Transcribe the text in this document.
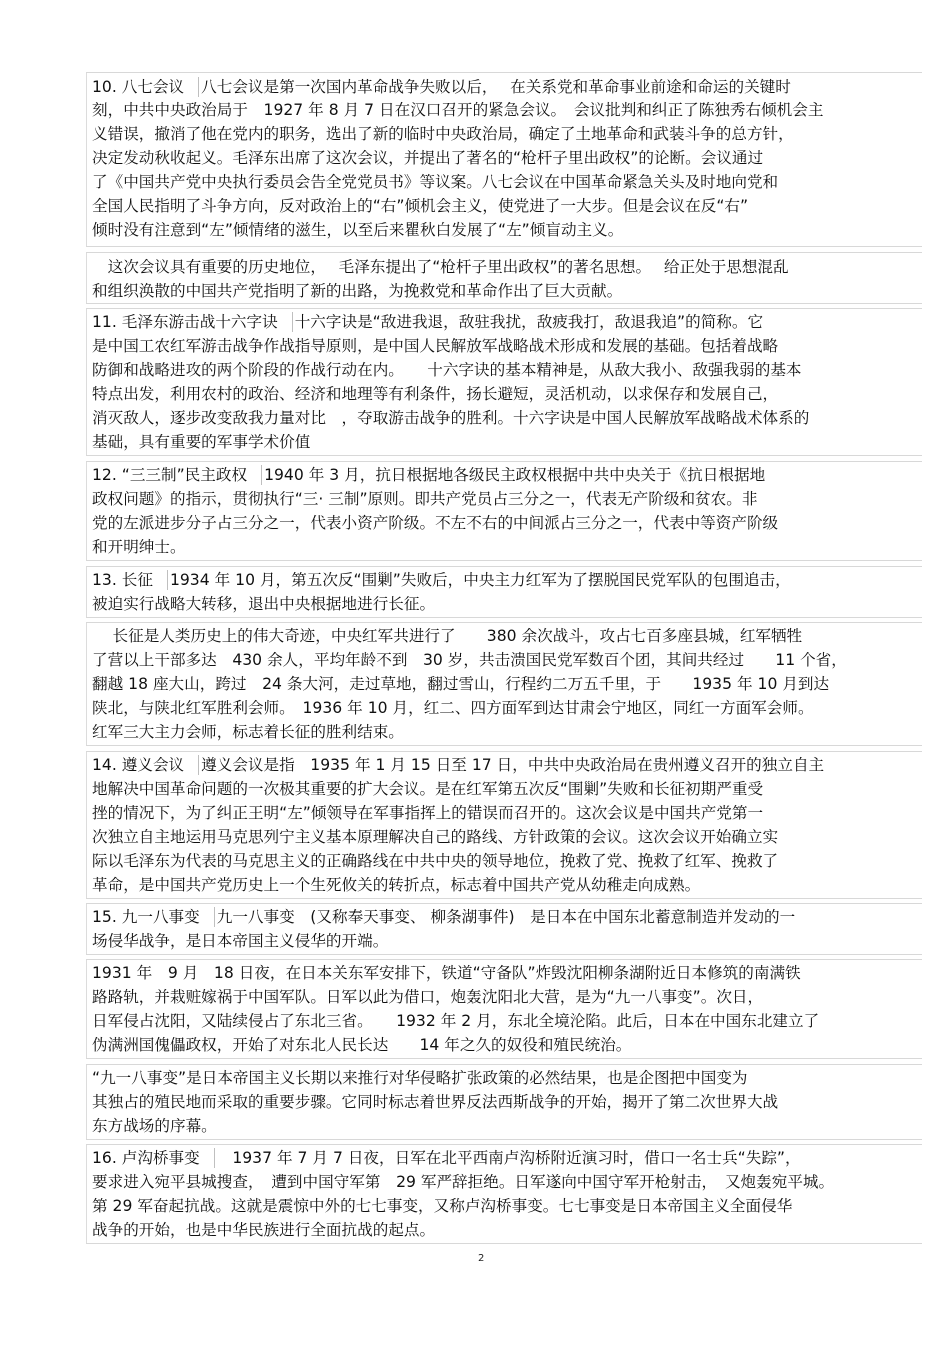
10. 八七会议 八七会议是第一次国内革命战争失败以后，　 在关系党和革命事业前途和命运的关键时
刻，中共中央政治局于　1927 年 8 月 7 日在汉口召开的紧急会议。　会议批判和纠正了陈独秀右倾机会主
义错误，撤消了他在党内的职务，选出了新的临时中央政治局，确定了土地革命和武装斗争的总方针，
决定发动秋收起义。毛泽东出席了这次会议，并提出了著名的“枪杆子里出政权”的论断。会议通过
了《中国共产党中央执行委员会告全党党员书》等议案。八七会议在中国革命紧急关头及时地向党和
全国人民指明了斗争方向，反对政治上的“右”倾机会主义，使党进了一大步。但是会议在反“右”
倾时没有注意到“左”倾情绪的滋生，以至后来瞿秋白发展了“左”倾盲动主义。
　这次会议具有重要的历史地位，　 毛泽东提出了“枪杆子里出政权”的著名思想。　 给正处于思想混乱
和组织涣散的中国共产党指明了新的出路，为挽救党和革命作出了巨大贡献。
11. 毛泽东游击战十六字诀 十六字诀是“敌进我退，敌驻我扰，敌疲我打，敌退我追”的简称。它
是中国工农红军游击战争作战指导原则，是中国人民解放军战略战术形成和发展的基础。包括着战略
防御和战略进攻的两个阶段的作战行动在内。　　十六字诀的基本精神是，从敌大我小、敌强我弱的基本
特点出发，利用农村的政治、经济和地理等有利条件，扬长避短，灵活机动，以求保存和发展自己，
消灭敌人，逐步改变敌我力量对比　，夺取游击战争的胜利。十六字诀是中国人民解放军战略战术体系的
基础，具有重要的军事学术价值
12. “三三制”民主政权 1940 年 3 月，抗日根据地各级民主政权根据中共中央关于《抗日根据地
政权问题》的指示，贯彻执行“三· 三制”原则。即共产党员占三分之一，代表无产阶级和贫农。非
党的左派进步分子占三分之一，代表小资产阶级。不左不右的中间派占三分之一，代表中等资产阶级
和开明绅士。
13. 长征 1934 年 10 月，第五次反“围剿”失败后，中央主力红军为了摆脱国民党军队的包围追击，
被迫实行战略大转移，退出中央根据地进行长征。
　 长征是人类历史上的伟大奇迹，中央红军共进行了　　380 余次战斗，攻占七百多座县城，红军牺牲
了营以上干部多达　430 余人，平均年龄不到　30 岁，共击溃国民党军数百个团，其间共经过　　11 个省，
翻越 18 座大山，跨过　24 条大河，走过草地，翻过雪山，行程约二万五千里，于　　1935 年 10 月到达
陕北，与陕北红军胜利会师。　1936 年 10 月，红二、四方面军到达甘肃会宁地区，同红一方面军会师。
红军三大主力会师，标志着长征的胜利结束。
14. 遵义会议 遵义会议是指　1935 年 1 月 15 日至 17 日，中共中央政治局在贵州遵义召开的独立自主
地解决中国革命问题的一次极其重要的扩大会议。是在红军第五次反“围剿”失败和长征初期严重受
挫的情况下，为了纠正王明“左”倾领导在军事指挥上的错误而召开的。这次会议是中国共产党第一
次独立自主地运用马克思列宁主义基本原理解决自己的路线、方针政策的会议。这次会议开始确立实
际以毛泽东为代表的马克思主义的正确路线在中共中央的领导地位，挽救了党、挽救了红军、挽救了
革命，是中国共产党历史上一个生死攸关的转折点，标志着中国共产党从幼稚走向成熟。
15. 九一八事变 九一八事变　(又称奉天事变、 柳条湖事件)　是日本在中国东北蓄意制造并发动的一
场侵华战争，是日本帝国主义侵华的开端。
1931 年　9 月　18 日夜，在日本关东军安排下，铁道“守备队”炸毁沈阳柳条湖附近日本修筑的南满铁
路路轨，并栽赃嫁祸于中国军队。日军以此为借口，炮轰沈阳北大营，是为“九一八事变”。次日，
日军侵占沈阳，又陆续侵占了东北三省。　　1932 年 2 月，东北全境沦陷。此后，日本在中国东北建立了
伪满洲国傀儡政权，开始了对东北人民长达　　14 年之久的奴役和殖民统治。
“九一八事变”是日本帝国主义长期以来推行对华侵略扩张政策的必然结果，也是企图把中国变为
其独占的殖民地而采取的重要步骤。它同时标志着世界反法西斯战争的开始，揭开了第二次世界大战
东方战场的序幕。
16. 卢沟桥事变　1937 年 7 月 7 日夜，日军在北平西南卢沟桥附近演习时，借口一名士兵“失踪”，
要求进入宛平县城搜查，　遭到中国守军第　29 军严辞拒绝。日军遂向中国守军开枪射击，　又炮轰宛平城。
第 29 军奋起抗战。这就是震惊中外的七七事变，又称卢沟桥事变。七七事变是日本帝国主义全面侵华
战争的开始，也是中华民族进行全面抗战的起点。
2
